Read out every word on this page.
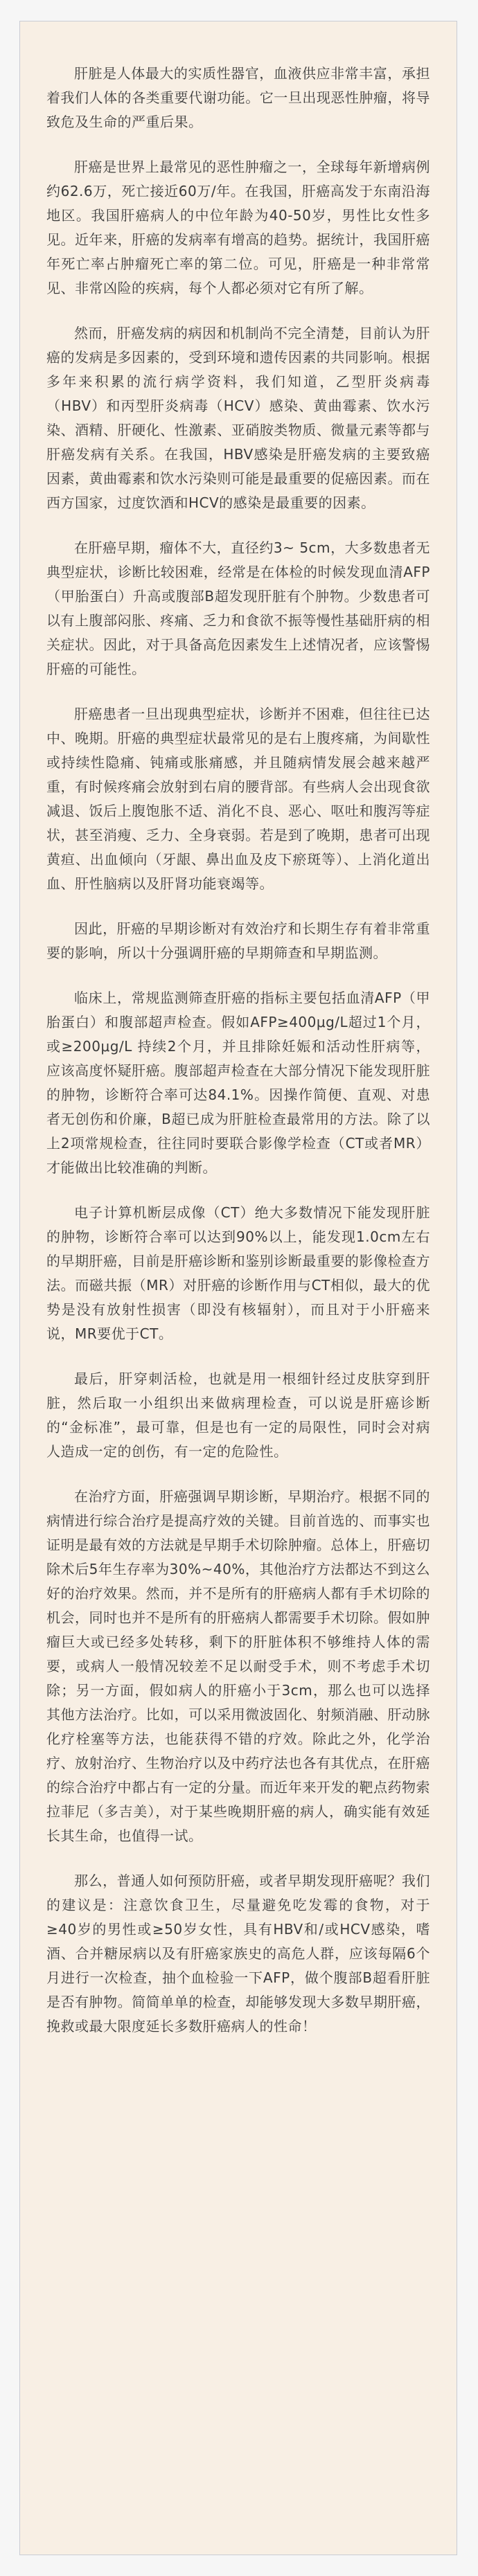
肝脏是人体最大的实质性器官，血液供应非常丰富，承担着我们人体的各类重要代谢功能。它一旦出现恶性肿瘤，将导致危及生命的严重后果。

肝癌是世界上最常见的恶性肿瘤之一，全球每年新增病例约62.6万，死亡接近60万/年。在我国，肝癌高发于东南沿海地区。我国肝癌病人的中位年龄为40-50岁，男性比女性多见。近年来，肝癌的发病率有增高的趋势。据统计，我国肝癌年死亡率占肿瘤死亡率的第二位。可见，肝癌是一种非常常见、非常凶险的疾病，每个人都必须对它有所了解。

然而，肝癌发病的病因和机制尚不完全清楚，目前认为肝癌的发病是多因素的，受到环境和遗传因素的共同影响。根据多年来积累的流行病学资料，我们知道，乙型肝炎病毒（HBV）和丙型肝炎病毒（HCV）感染、黄曲霉素、饮水污染、酒精、肝硬化、性激素、亚硝胺类物质、微量元素等都与肝癌发病有关系。在我国，HBV感染是肝癌发病的主要致癌因素，黄曲霉素和饮水污染则可能是最重要的促癌因素。而在西方国家，过度饮酒和HCV的感染是最重要的因素。

在肝癌早期，瘤体不大，直径约3~ 5cm，大多数患者无典型症状，诊断比较困难，经常是在体检的时候发现血清AFP（甲胎蛋白）升高或腹部B超发现肝脏有个肿物。少数患者可以有上腹部闷胀、疼痛、乏力和食欲不振等慢性基础肝病的相关症状。因此，对于具备高危因素发生上述情况者，应该警惕肝癌的可能性。

肝癌患者一旦出现典型症状，诊断并不困难，但往往已达中、晚期。肝癌的典型症状最常见的是右上腹疼痛，为间歇性或持续性隐痛、钝痛或胀痛感，并且随病情发展会越来越严重，有时候疼痛会放射到右肩的腰背部。有些病人会出现食欲减退、饭后上腹饱胀不适、消化不良、恶心、呕吐和腹泻等症状，甚至消瘦、乏力、全身衰弱。若是到了晚期，患者可出现黄疸、出血倾向（牙龈、鼻出血及皮下瘀斑等）、上消化道出血、肝性脑病以及肝肾功能衰竭等。

因此，肝癌的早期诊断对有效治疗和长期生存有着非常重要的影响，所以十分强调肝癌的早期筛查和早期监测。

临床上，常规监测筛查肝癌的指标主要包括血清AFP（甲胎蛋白）和腹部超声检查。假如AFP≥400μg/L超过1个月，或≥200μg/L 持续2个月，并且排除妊娠和活动性肝病等， 应该高度怀疑肝癌。腹部超声检查在大部分情况下能发现肝脏的肿物，诊断符合率可达84.1%。因操作简便、直观、对患者无创伤和价廉，B超已成为肝脏检查最常用的方法。除了以上2项常规检查，往往同时要联合影像学检查（CT或者MR）才能做出比较准确的判断。

电子计算机断层成像（CT）绝大多数情况下能发现肝脏的肿物，诊断符合率可以达到90%以上，能发现1.0cm左右的早期肝癌，目前是肝癌诊断和鉴别诊断最重要的影像检查方法。而磁共振（MR）对肝癌的诊断作用与CT相似，最大的优势是没有放射性损害（即没有核辐射），而且对于小肝癌来说，MR要优于CT。

最后，肝穿刺活检，也就是用一根细针经过皮肤穿到肝脏，然后取一小组织出来做病理检查，可以说是肝癌诊断的“金标准”，最可靠，但是也有一定的局限性，同时会对病人造成一定的创伤，有一定的危险性。

在治疗方面，肝癌强调早期诊断，早期治疗。根据不同的病情进行综合治疗是提高疗效的关键。目前首选的、而事实也证明是最有效的方法就是早期手术切除肿瘤。总体上，肝癌切除术后5年生存率为30%~40%，其他治疗方法都达不到这么好的治疗效果。然而，并不是所有的肝癌病人都有手术切除的机会，同时也并不是所有的肝癌病人都需要手术切除。假如肿瘤巨大或已经多处转移，剩下的肝脏体积不够维持人体的需要，或病人一般情况较差不足以耐受手术，则不考虑手术切除；另一方面，假如病人的肝癌小于3cm，那么也可以选择其他方法治疗。比如，可以采用微波固化、射频消融、肝动脉化疗栓塞等方法，也能获得不错的疗效。除此之外，化学治疗、放射治疗、生物治疗以及中药疗法也各有其优点，在肝癌的综合治疗中都占有一定的分量。而近年来开发的靶点药物索拉菲尼（多吉美），对于某些晚期肝癌的病人，确实能有效延长其生命，也值得一试。

那么，普通人如何预防肝癌，或者早期发现肝癌呢？我们的建议是：注意饮食卫生，尽量避免吃发霉的食物，对于≥40岁的男性或≥50岁女性，具有HBV和/或HCV感染，嗜酒、合并糖尿病以及有肝癌家族史的高危人群，应该每隔6个月进行一次检查，抽个血检验一下AFP，做个腹部B超看肝脏是否有肿物。简简单单的检查，却能够发现大多数早期肝癌，挽救或最大限度延长多数肝癌病人的性命！
